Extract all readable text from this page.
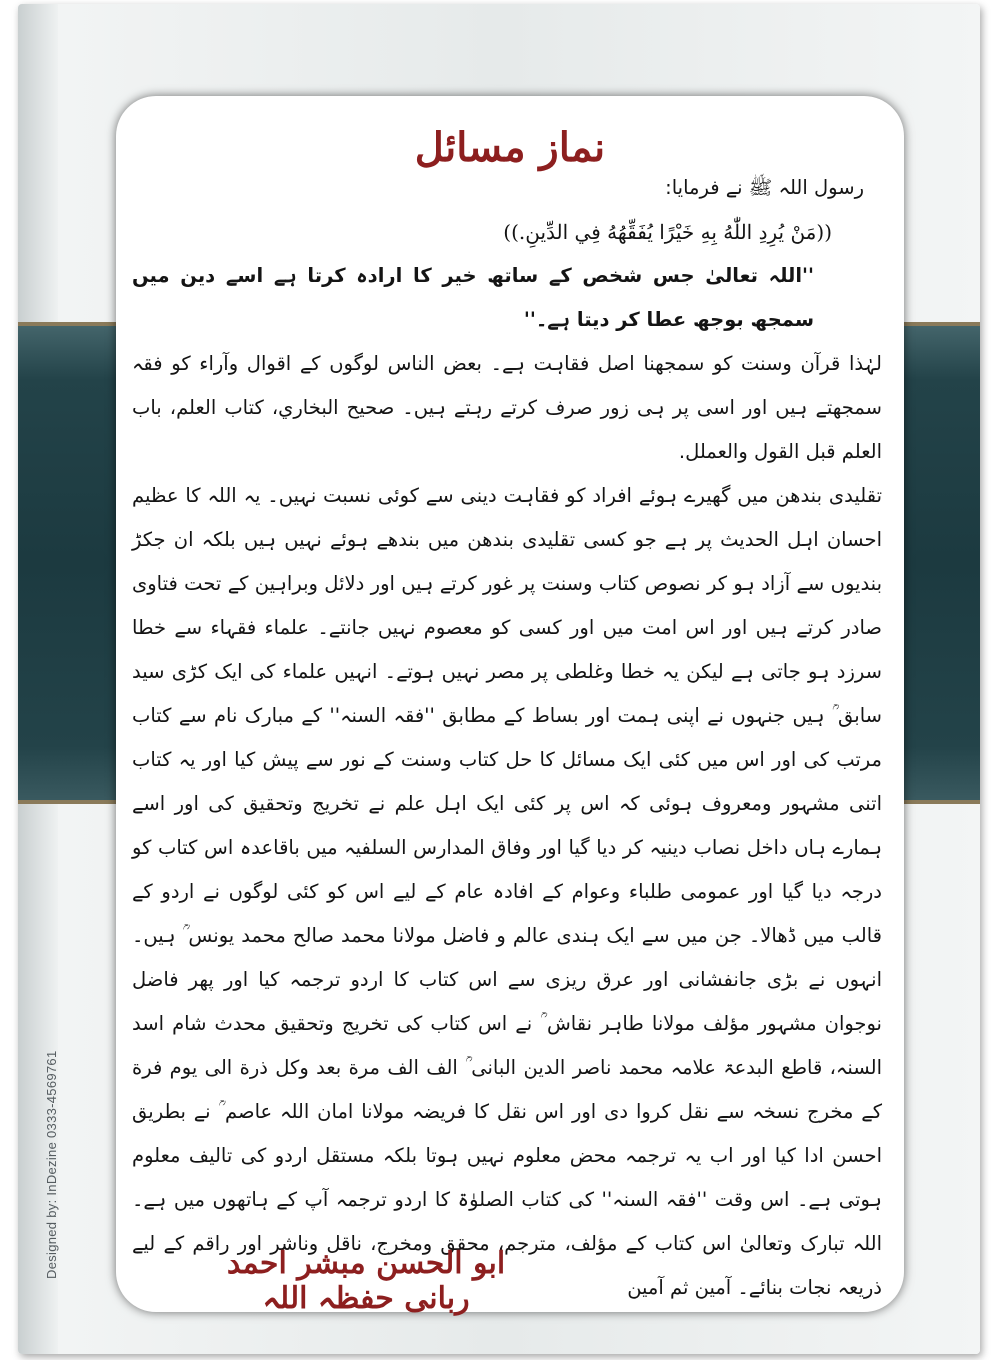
Designed by: InDezine 0333-4569761
نماز مسائل

رسول اللہ ﷺ نے فرمایا:

((مَنْ يُرِدِ اللّٰهُ بِهِ خَيْرًا يُفَقِّهُهُ فِي الدِّينِ.))

''اللہ تعالیٰ جس شخص کے ساتھ خیر کا ارادہ کرتا ہے اسے دین میں سمجھ بوجھ عطا کر دیتا ہے۔''

لہٰذا قرآن وسنت کو سمجھنا اصل فقاہت ہے۔ بعض الناس لوگوں کے اقوال وآراء کو فقہ سمجھتے ہیں اور اسی پر ہی زور صرف کرتے رہتے ہیں۔ صحيح البخاري، كتاب العلم، باب العلم قبل القول والعملل.

تقلیدی بندھن میں گھیرے ہوئے افراد کو فقاہت دینی سے کوئی نسبت نہیں۔ یہ اللہ کا عظیم احسان اہل الحدیث پر ہے جو کسی تقلیدی بندھن میں بندھے ہوئے نہیں ہیں بلکہ ان جکڑ بندیوں سے آزاد ہو کر نصوص کتاب وسنت پر غور کرتے ہیں اور دلائل وبراہین کے تحت فتاوی صادر کرتے ہیں اور اس امت میں اور کسی کو معصوم نہیں جانتے۔ علماء فقہاء سے خطا سرزد ہو جاتی ہے لیکن یہ خطا وغلطی پر مصر نہیں ہوتے۔ انہیں علماء کی ایک کڑی سید سابق ؒ ہیں جنہوں نے اپنی ہمت اور بساط کے مطابق ''فقہ السنہ'' کے مبارک نام سے کتاب مرتب کی اور اس میں کئی ایک مسائل کا حل کتاب وسنت کے نور سے پیش کیا اور یہ کتاب اتنی مشہور ومعروف ہوئی کہ اس پر کئی ایک اہل علم نے تخریج وتحقیق کی اور اسے ہمارے ہاں داخل نصاب دینیہ کر دیا گیا اور وفاق المدارس السلفیہ میں باقاعدہ اس کتاب کو درجہ دیا گیا اور عمومی طلباء وعوام کے افادہ عام کے لیے اس کو کئی لوگوں نے اردو کے قالب میں ڈھالا۔ جن میں سے ایک ہندی عالم و فاضل مولانا محمد صالح محمد یونس ؒ ہیں۔ انہوں نے بڑی جانفشانی اور عرق ریزی سے اس کتاب کا اردو ترجمہ کیا اور پھر فاضل نوجوان مشہور مؤلف مولانا طاہر نقاش ؒ نے اس کتاب کی تخریج وتحقیق محدث شام اسد السنہ، قاطع البدعۃ علامہ محمد ناصر الدین البانی ؒ الف الف مرة بعد وكل ذرة الى يوم فرة کے مخرج نسخہ سے نقل کروا دی اور اس نقل کا فریضہ مولانا امان اللہ عاصم ؒ نے بطریق احسن ادا کیا اور اب یہ ترجمہ محض معلوم نہیں ہوتا بلکہ مستقل اردو کی تالیف معلوم ہوتی ہے۔ اس وقت ''فقہ السنہ'' کی کتاب الصلوٰۃ کا اردو ترجمہ آپ کے ہاتھوں میں ہے۔ اللہ تبارک وتعالیٰ اس کتاب کے مؤلف، مترجم، محقق ومخرج، ناقل وناشر اور راقم کے لیے ذریعہ نجات بنائے۔ آمین ثم آمین

ابو الحسن مبشر احمد ربانی حفظہ اللہ
